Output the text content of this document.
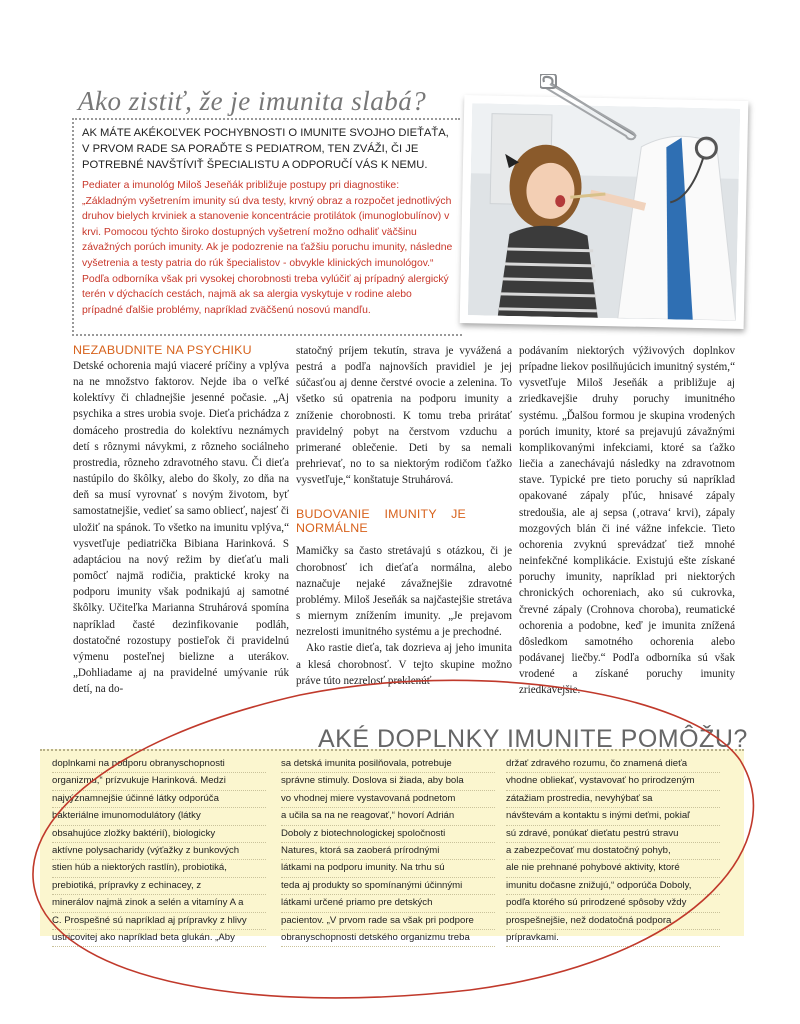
Ako zistiť, že je imunita slabá?
AK MÁTE AKÉKOĽVEK POCHYBNOSTI O IMUNITE SVOJHO DIEŤAŤA, V PRVOM RADE SA PORAĎTE S PEDIATROM, TEN ZVÁŽI, ČI JE POTREBNÉ NAVŠTÍVIŤ ŠPECIALISTU A ODPORUČÍ VÁS K NEMU.
Pediater a imunológ Miloš Jeseňák približuje postupy pri diagnostike: „Základným vyšetrením imunity sú dva testy, krvný obraz a rozpočet jednotlivých druhov bielych krviniek a stanovenie koncentrácie protilátok (imunoglobulínov) v krvi. Pomocou týchto široko dostupných vyšetrení možno odhaliť väčšinu závažných porúch imunity. Ak je podozrenie na ťažšiu poruchu imunity, následne vyšetrenia a testy patria do rúk špecialistov - obvykle klinických imunológov.“ Podľa odborníka však pri vysokej chorobnosti treba vylúčiť aj prípadný alergický terén v dýchacích cestách, najmä ak sa alergia vyskytuje v rodine alebo prípadné ďalšie problémy, napríklad zväčšenú nosovú mandľu.
NEZABUDNITE NA PSYCHIKU

Detské ochorenia majú viaceré príčiny a vplýva na ne množstvo faktorov. Nejde iba o veľké kolektívy či chladnejšie jesenné počasie. „Aj psychika a stres urobia svoje. Dieťa prichádza z domáceho prostredia do kolektívu neznámych detí s rôznymi návykmi, z rôzneho sociálneho prostredia, rôzneho zdravotného stavu. Či dieťa nastúpilo do škôlky, alebo do školy, zo dňa na deň sa musí vyrovnať s novým životom, byť samostatnejšie, vedieť sa samo obliecť, najesť či uložiť na spánok. To všetko na imunitu vplýva,“ vysvetľuje pediatrička Bibiana Harinková. S adaptáciou na nový režim by dieťaťu mali pomôcť najmä rodičia, praktické kroky na podporu imunity však podnikajú aj samotné škôlky. Učiteľka Marianna Struhárová spomína napríklad časté dezinfikovanie podláh, dostatočné rozostupy postieľok či pravidelnú výmenu posteľnej bielizne a uterákov. „Dohliadame aj na pravidelné umývanie rúk detí, na do-

statočný príjem tekutín, strava je vyvážená a pestrá a podľa najnovších pravidiel je jej súčasťou aj denne čerstvé ovocie a zelenina. To všetko sú opatrenia na podporu imunity a zníženie chorobnosti. K tomu treba prirátať pravidelný pobyt na čerstvom vzduchu a primerané oblečenie. Deti by sa nemali prehrievať, no to sa niektorým rodičom ťažko vysvetľuje,“ konštatuje Struhárová.

BUDOVANIE IMUNITY JE NORMÁLNE

Mamičky sa často stretávajú s otázkou, či je chorobnosť ich dieťaťa normálna, alebo naznačuje nejaké závažnejšie zdravotné problémy. Miloš Jeseňák sa najčastejšie stretáva s miernym znížením imunity. „Je prejavom nezrelosti imunitného systému a je prechodné.

Ako rastie dieťa, tak dozrieva aj jeho imunita a klesá chorobnosť. V tejto skupine možno práve túto nezrelosť preklenúť

podávaním niektorých výživových doplnkov prípadne liekov posilňujúcich imunitný systém,“ vysvetľuje Miloš Jeseňák a približuje aj zriedkavejšie druhy poruchy imunitného systému. „Ďalšou formou je skupina vrodených porúch imunity, ktoré sa prejavujú závažnými komplikovanými infekciami, ktoré sa ťažko liečia a zanechávajú následky na zdravotnom stave. Typické pre tieto poruchy sú napríklad opakované zápaly pľúc, hnisavé zápaly stredoušia, ale aj sepsa (‚otrava‘ krvi), zápaly mozgových blán či iné vážne infekcie. Tieto ochorenia zvyknú sprevádzať tiež mnohé neinfekčné komplikácie. Existujú ešte získané poruchy imunity, napríklad pri niektorých chronických ochoreniach, ako sú cukrovka, črevné zápaly (Crohnova choroba), reumatické ochorenia a podobne, keď je imunita znížená dôsledkom samotného ochorenia alebo podávanej liečby.“ Podľa odborníka sú však vrodené a získané poruchy imunity zriedkavejšie.

AKÉ DOPLNKY IMUNITE POMÔŽU?
doplnkami na podporu obranyschopnosti
organizmu,“ prízvukuje Harinková. Medzi
najvýznamnejšie účinné látky odporúča
bakteriálne imunomodulátory (látky
obsahujúce zložky baktérií), biologicky
aktívne polysacharidy (výťažky z bunkových
stien húb a niektorých rastlín), probiotiká,
prebiotiká, prípravky z echinacey, z
minerálov najmä zinok a selén a vitamíny A a
C. Prospešné sú napríklad aj prípravky z hlivy
ustricovitej ako napríklad beta glukán. „Aby
sa detská imunita posilňovala, potrebuje
správne stimuly. Doslova si žiada, aby bola
vo vhodnej miere vystavovaná podnetom
a učila sa na ne reagovať,“ hovorí Adrián
Doboly z biotechnologickej spoločnosti
Natures, ktorá sa zaoberá prírodnými
látkami na podporu imunity. Na trhu sú
teda aj produkty so spomínanými účinnými
látkami určené priamo pre detských
pacientov. „V prvom rade sa však pri podpore
obranyschopnosti detského organizmu treba
držať zdravého rozumu, čo znamená dieťa
vhodne obliekať, vystavovať ho prirodzeným
zátažiam prostredia, nevyhýbať sa
návštevám a kontaktu s inými deťmi, pokiaľ
sú zdravé, ponúkať dieťatu pestrú stravu
a zabezpečovať mu dostatočný pohyb,
ale nie prehnané pohybové aktivity, ktoré
imunitu dočasne znižujú,“ odporúča Doboly,
podľa ktorého sú prirodzené spôsoby vždy
prospešnejšie, než dodatočná podpora
prípravkami.
